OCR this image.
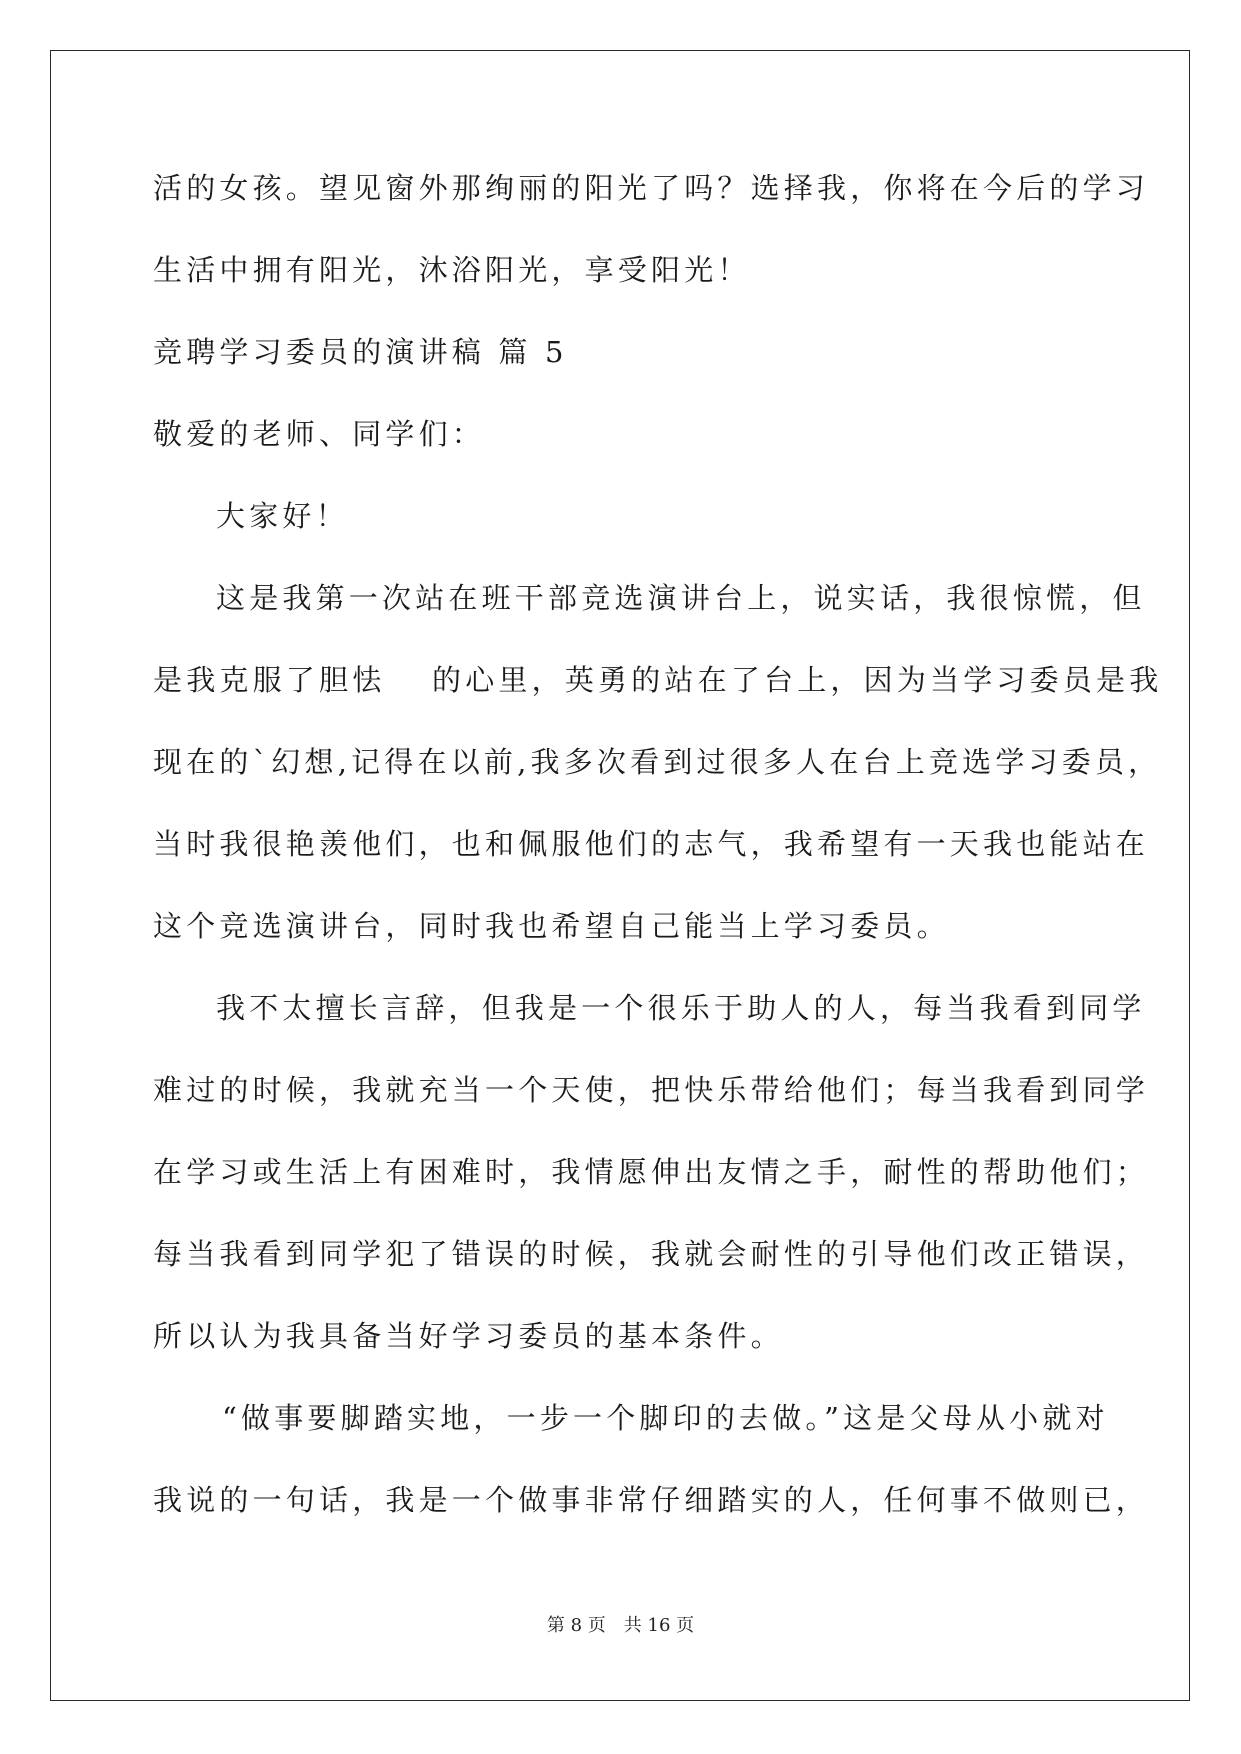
活的女孩。望见窗外那绚丽的阳光了吗？选择我，你将在今后的学习
生活中拥有阳光，沐浴阳光，享受阳光！
竞聘学习委员的演讲稿 篇 5
敬爱的老师、同学们：
大家好！
这是我第一次站在班干部竞选演讲台上，说实话，我很惊慌，但
是我克服了胆怯　 的心里，英勇的站在了台上，因为当学习委员是我
现在的`幻想,记得在以前,我多次看到过很多人在台上竞选学习委员，
当时我很艳羡他们，也和佩服他们的志气，我希望有一天我也能站在
这个竞选演讲台，同时我也希望自己能当上学习委员。
我不太擅长言辞，但我是一个很乐于助人的人，每当我看到同学
难过的时候，我就充当一个天使，把快乐带给他们；每当我看到同学
在学习或生活上有困难时，我情愿伸出友情之手，耐性的帮助他们；
每当我看到同学犯了错误的时候，我就会耐性的引导他们改正错误，
所以认为我具备当好学习委员的基本条件。
“做事要脚踏实地，一步一个脚印的去做。”这是父母从小就对
我说的一句话，我是一个做事非常仔细踏实的人，任何事不做则已，
第 8 页 共 16 页
